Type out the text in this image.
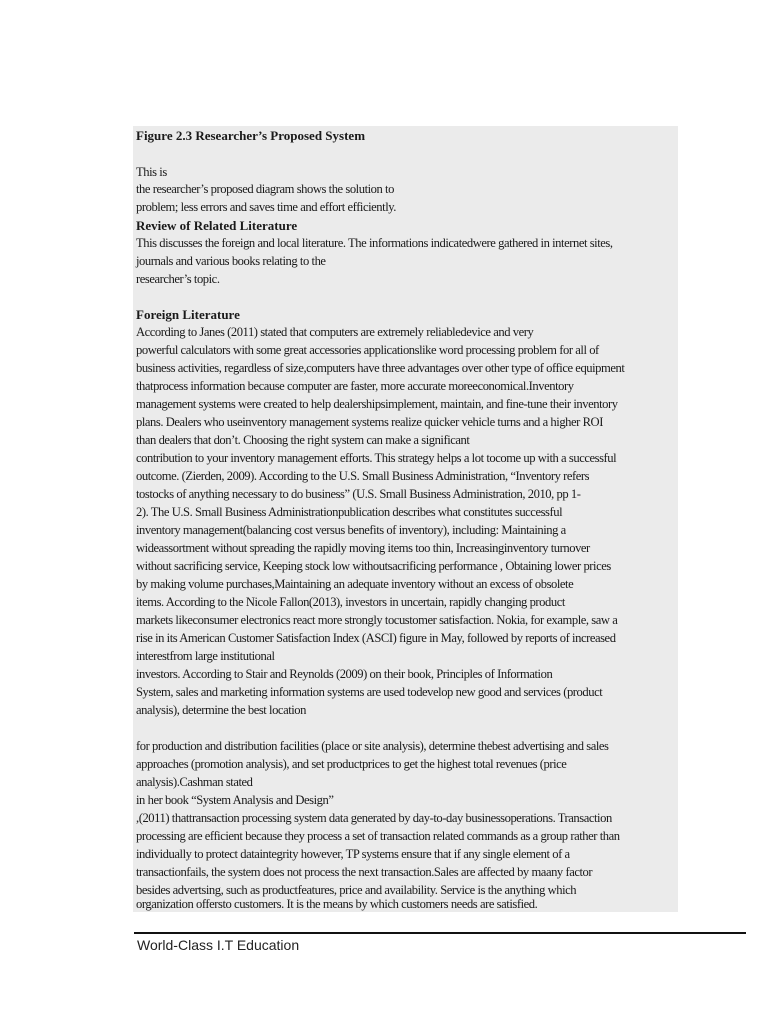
Figure 2.3 Researcher’s Proposed System
This is
the researcher’s proposed diagram shows the solution to
problem; less errors and saves time and effort efficiently.
Review of Related Literature
This discusses the foreign and local literature. The informations indicatedwere gathered in internet sites,
journals and various books relating to the
researcher’s topic.
Foreign Literature
According to Janes (2011) stated that computers are extremely reliabledevice and very
powerful calculators with some great accessories applicationslike word processing problem for all of
business activities, regardless of size,computers have three advantages over other type of office equipment
thatprocess information because computer are faster, more accurate moreeconomical.Inventory
management systems were created to help dealershipsimplement, maintain, and fine-tune their inventory
plans. Dealers who useinventory management systems realize quicker vehicle turns and a higher ROI
than dealers that don’t. Choosing the right system can make a significant
contribution to your inventory management efforts. This strategy helps a lot tocome up with a successful
outcome. (Zierden, 2009). According to the U.S. Small Business Administration, “Inventory refers
tostocks of anything necessary to do business” (U.S. Small Business Administration, 2010, pp 1-
2). The U.S. Small Business Administrationpublication describes what constitutes successful
inventory management(balancing cost versus benefits of inventory), including: Maintaining a
wideassortment without spreading the rapidly moving items too thin, Increasinginventory turnover
without sacrificing service, Keeping stock low withoutsacrificing performance , Obtaining lower prices
by making volume purchases,Maintaining an adequate inventory without an excess of obsolete
items. According to the Nicole Fallon(2013), investors in uncertain, rapidly changing product
markets likeconsumer electronics react more strongly tocustomer satisfaction. Nokia, for example, saw a
rise in its American Customer Satisfaction Index (ASCI) figure in May, followed by reports of increased
interestfrom large institutional
investors. According to Stair and Reynolds (2009) on their book, Principles of Information
System, sales and marketing information systems are used todevelop new good and services (product
analysis), determine the best location
for production and distribution facilities (place or site analysis), determine thebest advertising and sales
approaches (promotion analysis), and set productprices to get the highest total revenues (price
analysis).Cashman stated
in her book “System Analysis and Design”
,(2011) thattransaction processing system data generated by day-to-day businessoperations. Transaction
processing are efficient because they process a set of transaction related commands as a group rather than
individually to protect dataintegrity however, TP systems ensure that if any single element of a
transactionfails, the system does not process the next transaction.Sales are affected by maany factor
besides advertsing, such as productfeatures, price and availability. Service is the anything which
organization offersto customers. It is the means by which customers needs are satisfied.
World-Class I.T Education
